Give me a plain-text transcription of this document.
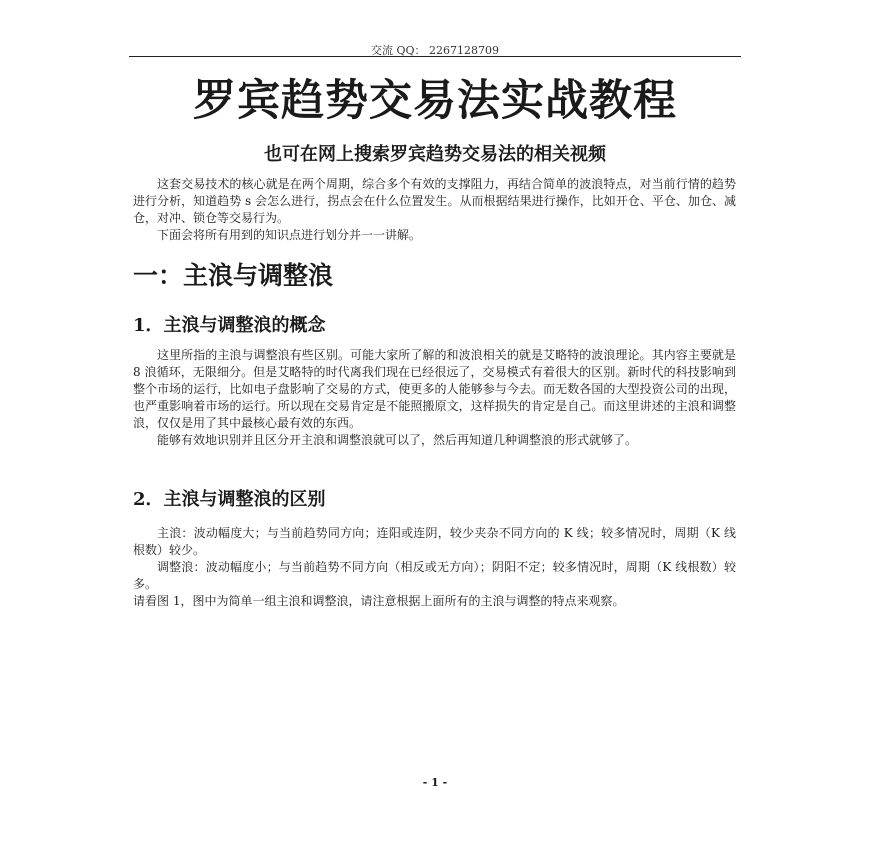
交流 QQ： 2267128709
罗宾趋势交易法实战教程
也可在网上搜索罗宾趋势交易法的相关视频

这套交易技术的核心就是在两个周期，综合多个有效的支撑阻力，再结合简单的波浪特点，对当前行情的趋势进行分析，知道趋势 s 会怎么进行，拐点会在什么位置发生。从而根据结果进行操作，比如开仓、平仓、加仓、减仓，对冲、锁仓等交易行为。

下面会将所有用到的知识点进行划分并一一讲解。

一：主浪与调整浪
1．主浪与调整浪的概念

这里所指的主浪与调整浪有些区别。可能大家所了解的和波浪相关的就是艾略特的波浪理论。其内容主要就是 8 浪循环，无限细分。但是艾略特的时代离我们现在已经很远了，交易模式有着很大的区别。新时代的科技影响到整个市场的运行，比如电子盘影响了交易的方式，使更多的人能够参与今去。而无数各国的大型投资公司的出现，也严重影响着市场的运行。所以现在交易肯定是不能照搬原文，这样损失的肯定是自己。而这里讲述的主浪和调整浪，仅仅是用了其中最核心最有效的东西。

能够有效地识别并且区分开主浪和调整浪就可以了，然后再知道几种调整浪的形式就够了。

2．主浪与调整浪的区别

主浪：波动幅度大；与当前趋势同方向；连阳或连阴，较少夹杂不同方向的 K 线；较多情况时，周期（K 线根数）较少。

调整浪：波动幅度小；与当前趋势不同方向（相反或无方向）；阴阳不定；较多情况时，周期（K 线根数）较多。

请看图 1，图中为简单一组主浪和调整浪，请注意根据上面所有的主浪与调整的特点来观察。

- 1 -
